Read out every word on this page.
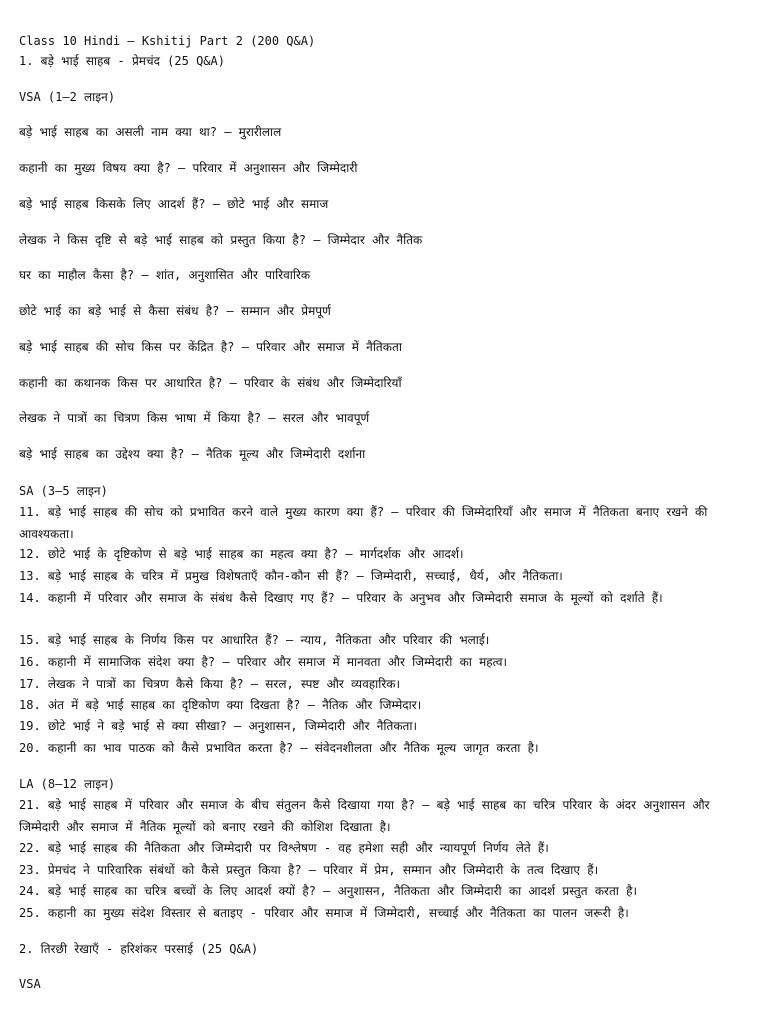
Class 10 Hindi – Kshitij Part 2 (200 Q&A)
1. बड़े भाई साहब - प्रेमचंद (25 Q&A)
VSA (1–2 लाइन)
बड़े भाई साहब का असली नाम क्या था? – मुरारीलाल
कहानी का मुख्य विषय क्या है? – परिवार में अनुशासन और जिम्मेदारी
बड़े भाई साहब किसके लिए आदर्श हैं? – छोटे भाई और समाज
लेखक ने किस दृष्टि से बड़े भाई साहब को प्रस्तुत किया है? – जिम्मेदार और नैतिक
घर का माहौल कैसा है? – शांत, अनुशासित और पारिवारिक
छोटे भाई का बड़े भाई से कैसा संबंध है? – सम्मान और प्रेमपूर्ण
बड़े भाई साहब की सोच किस पर केंद्रित है? – परिवार और समाज में नैतिकता
कहानी का कथानक किस पर आधारित है? – परिवार के संबंध और जिम्मेदारियाँ
लेखक ने पात्रों का चित्रण किस भाषा में किया है? – सरल और भावपूर्ण
बड़े भाई साहब का उद्देश्य क्या है? – नैतिक मूल्य और जिम्मेदारी दर्शाना
SA (3–5 लाइन)
11. बड़े भाई साहब की सोच को प्रभावित करने वाले मुख्य कारण क्या हैं? – परिवार की जिम्मेदारियाँ और समाज में नैतिकता बनाए रखने की आवश्यकता।
12. छोटे भाई के दृष्टिकोण से बड़े भाई साहब का महत्व क्या है? – मार्गदर्शक और आदर्श।
13. बड़े भाई साहब के चरित्र में प्रमुख विशेषताएँ कौन-कौन सी हैं? – जिम्मेदारी, सच्चाई, धैर्य, और नैतिकता।
14. कहानी में परिवार और समाज के संबंध कैसे दिखाए गए हैं? – परिवार के अनुभव और जिम्मेदारी समाज के मूल्यों को दर्शाते हैं।
15. बड़े भाई साहब के निर्णय किस पर आधारित हैं? – न्याय, नैतिकता और परिवार की भलाई।
16. कहानी में सामाजिक संदेश क्या है? – परिवार और समाज में मानवता और जिम्मेदारी का महत्व।
17. लेखक ने पात्रों का चित्रण कैसे किया है? – सरल, स्पष्ट और व्यवहारिक।
18. अंत में बड़े भाई साहब का दृष्टिकोण क्या दिखता है? – नैतिक और जिम्मेदार।
19. छोटे भाई ने बड़े भाई से क्या सीखा? – अनुशासन, जिम्मेदारी और नैतिकता।
20. कहानी का भाव पाठक को कैसे प्रभावित करता है? – संवेदनशीलता और नैतिक मूल्य जागृत करता है।
LA (8–12 लाइन)
21. बड़े भाई साहब में परिवार और समाज के बीच संतुलन कैसे दिखाया गया है? – बड़े भाई साहब का चरित्र परिवार के अंदर अनुशासन और जिम्मेदारी और समाज में नैतिक मूल्यों को बनाए रखने की कोशिश दिखाता है।
22. बड़े भाई साहब की नैतिकता और जिम्मेदारी पर विश्लेषण - वह हमेशा सही और न्यायपूर्ण निर्णय लेते हैं।
23. प्रेमचंद ने पारिवारिक संबंधों को कैसे प्रस्तुत किया है? – परिवार में प्रेम, सम्मान और जिम्मेदारी के तत्व दिखाए हैं।
24. बड़े भाई साहब का चरित्र बच्चों के लिए आदर्श क्यों है? – अनुशासन, नैतिकता और जिम्मेदारी का आदर्श प्रस्तुत करता है।
25. कहानी का मुख्य संदेश विस्तार से बताइए - परिवार और समाज में जिम्मेदारी, सच्चाई और नैतिकता का पालन जरूरी है।
2. तिरछी रेखाएँ - हरिशंकर परसाई (25 Q&A)
VSA
